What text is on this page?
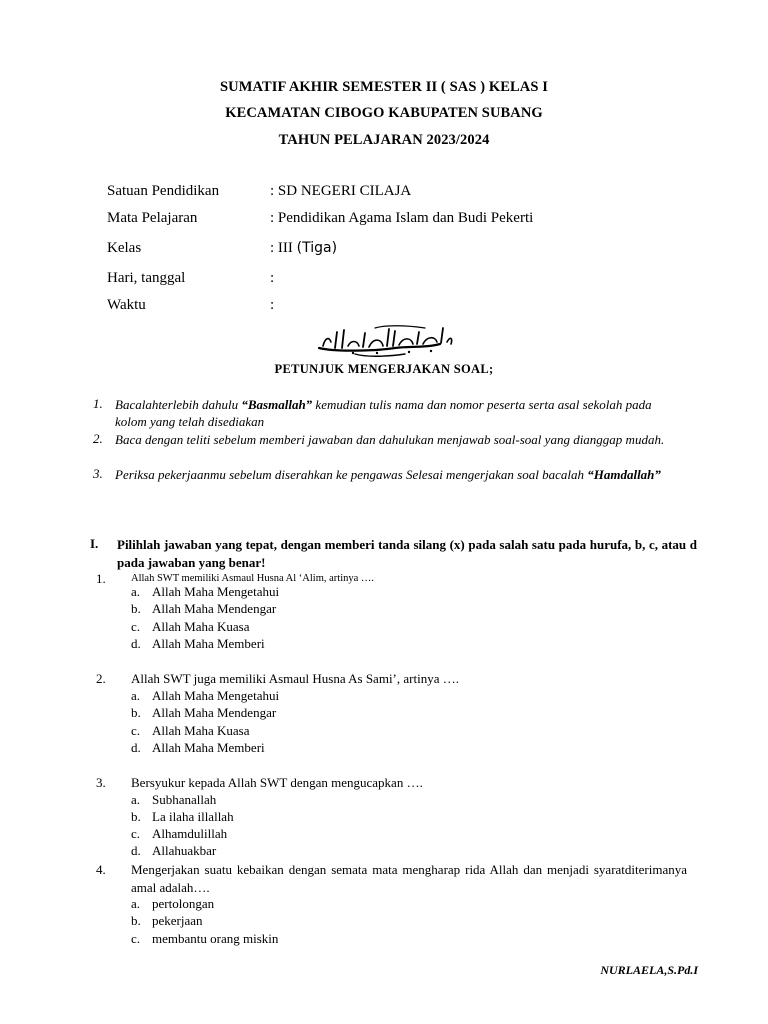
SUMATIF AKHIR SEMESTER II ( SAS ) KELAS I
KECAMATAN CIBOGO KABUPATEN SUBANG
TAHUN PELAJARAN 2023/2024
Satuan Pendidikan	: SD NEGERI CILAJA
Mata Pelajaran	: Pendidikan Agama Islam dan Budi Pekerti
Kelas	: III (Tiga)
Hari, tanggal	:
Waktu	:
PETUNJUK MENGERJAKAN SOAL;
1. Bacalahterlebih dahulu “Basmallah” kemudian tulis nama dan nomor peserta serta asal sekolah pada kolom yang telah disediakan
2. Baca dengan teliti sebelum memberi jawaban dan dahulukan menjawab soal-soal yang dianggap mudah.
3. Periksa pekerjaanmu sebelum diserahkan ke pengawas Selesai mengerjakan soal bacalah “Hamdallah”
I. Pilihlah jawaban yang tepat, dengan memberi tanda silang (x) pada salah satu pada hurufa, b, c, atau d pada jawaban yang benar!
1. Allah SWT memiliki Asmaul Husna Al ‘Alim, artinya ….
a. Allah Maha Mengetahui
b. Allah Maha Mendengar
c. Allah Maha Kuasa
d. Allah Maha Memberi
2. Allah SWT juga memiliki Asmaul Husna As Sami’, artinya ….
a. Allah Maha Mengetahui
b. Allah Maha Mendengar
c. Allah Maha Kuasa
d. Allah Maha Memberi
3. Bersyukur kepada Allah SWT dengan mengucapkan ….
a. Subhanallah
b. La ilaha illallah
c. Alhamdulillah
d. Allahuakbar
4. Mengerjakan suatu kebaikan dengan semata mata mengharap rida Allah dan menjadi syaratditerimanya amal adalah….
a. pertolongan
b. pekerjaan
c. membantu orang miskin
NURLAELA,S.Pd.I
